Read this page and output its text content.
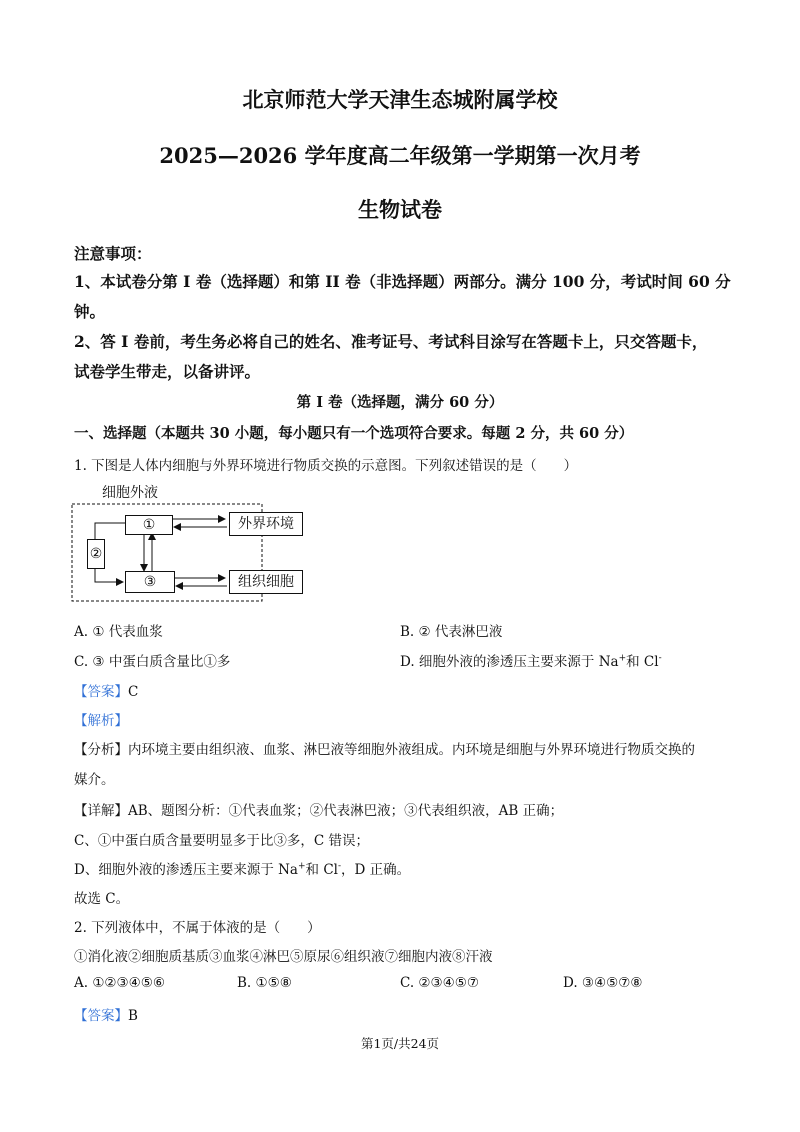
北京师范大学天津生态城附属学校
2025—2026 学年度高二年级第一学期第一次月考
生物试卷
注意事项：
1、本试卷分第 I 卷（选择题）和第 II 卷（非选择题）两部分。满分 100 分，考试时间 60 分
钟。
2、答 I 卷前，考生务必将自己的姓名、准考证号、考试科目涂写在答题卡上，只交答题卡，
试卷学生带走，以备讲评。
第 I 卷（选择题，满分 60 分）
一、选择题（本题共 30 小题，每小题只有一个选项符合要求。每题 2 分，共 60 分）
1. 下图是人体内细胞与外界环境进行物质交换的示意图。下列叙述错误的是（　　）
细胞外液
①
②
③
外界环境
组织细胞
A. ① 代表血浆	B. ② 代表淋巴液
C. ③ 中蛋白质含量比①多	D. 细胞外液的渗透压主要来源于 Na+和 Cl-
【答案】C
【解析】
【分析】内环境主要由组织液、血浆、淋巴液等细胞外液组成。内环境是细胞与外界环境进行物质交换的
媒介。
【详解】AB、题图分析：①代表血浆；②代表淋巴液；③代表组织液，AB 正确；
C、①中蛋白质含量要明显多于比③多，C 错误；
D、细胞外液的渗透压主要来源于 Na+和 Cl-，D 正确。
故选 C。
2. 下列液体中，不属于体液的是（　　）
①消化液②细胞质基质③血浆④淋巴⑤原尿⑥组织液⑦细胞内液⑧汗液
A. ①②③④⑤⑥	B. ①⑤⑧	C. ②③④⑤⑦	D. ③④⑤⑦⑧
【答案】B
第1页/共24页
